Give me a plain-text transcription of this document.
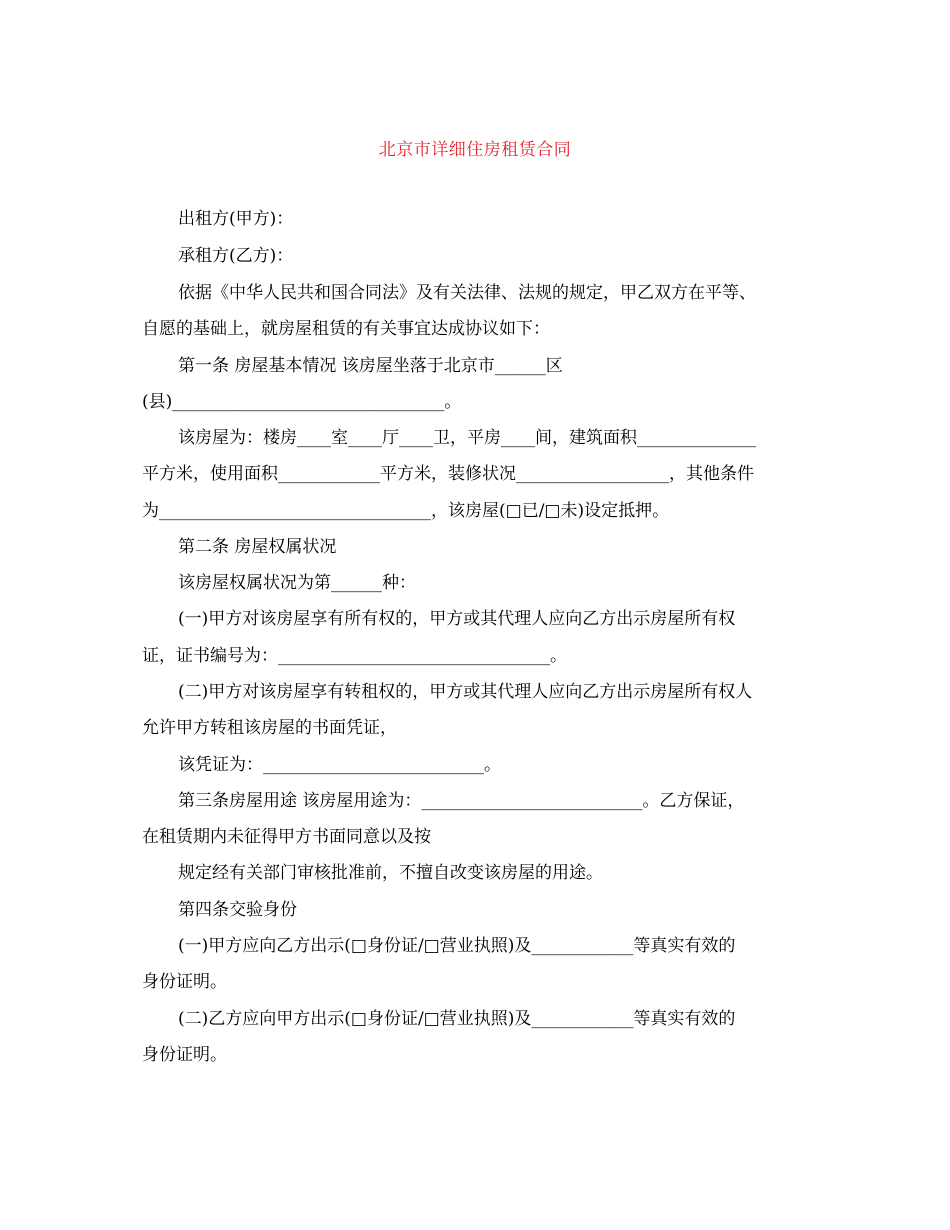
北京市详细住房租赁合同
出租方(甲方)：
承租方(乙方)：
依据《中华人民共和国合同法》及有关法律、法规的规定，甲乙双方在平等、
自愿的基础上，就房屋租赁的有关事宜达成协议如下：
第一条 房屋基本情况 该房屋坐落于北京市______区
(县)________________________________。
该房屋为：楼房____室____厅____卫，平房____间，建筑面积______________
平方米，使用面积____________平方米，装修状况__________________，其他条件
为________________________________，该房屋(□已/□未)设定抵押。
第二条 房屋权属状况
该房屋权属状况为第______种：
(一)甲方对该房屋享有所有权的，甲方或其代理人应向乙方出示房屋所有权
证，证书编号为：________________________________。
(二)甲方对该房屋享有转租权的，甲方或其代理人应向乙方出示房屋所有权人
允许甲方转租该房屋的书面凭证，
该凭证为：__________________________。
第三条房屋用途 该房屋用途为：__________________________。乙方保证，
在租赁期内未征得甲方书面同意以及按
规定经有关部门审核批准前，不擅自改变该房屋的用途。
第四条交验身份
(一)甲方应向乙方出示(□身份证/□营业执照)及____________等真实有效的
身份证明。
(二)乙方应向甲方出示(□身份证/□营业执照)及____________等真实有效的
身份证明。
